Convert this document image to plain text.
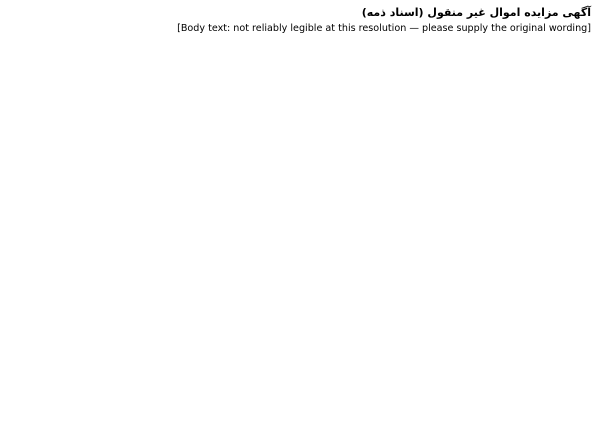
آگهی مزایده اموال غیر منقول (اسناد ذمه)

[Body text: not reliably legible at this resolution — please supply the original wording]
